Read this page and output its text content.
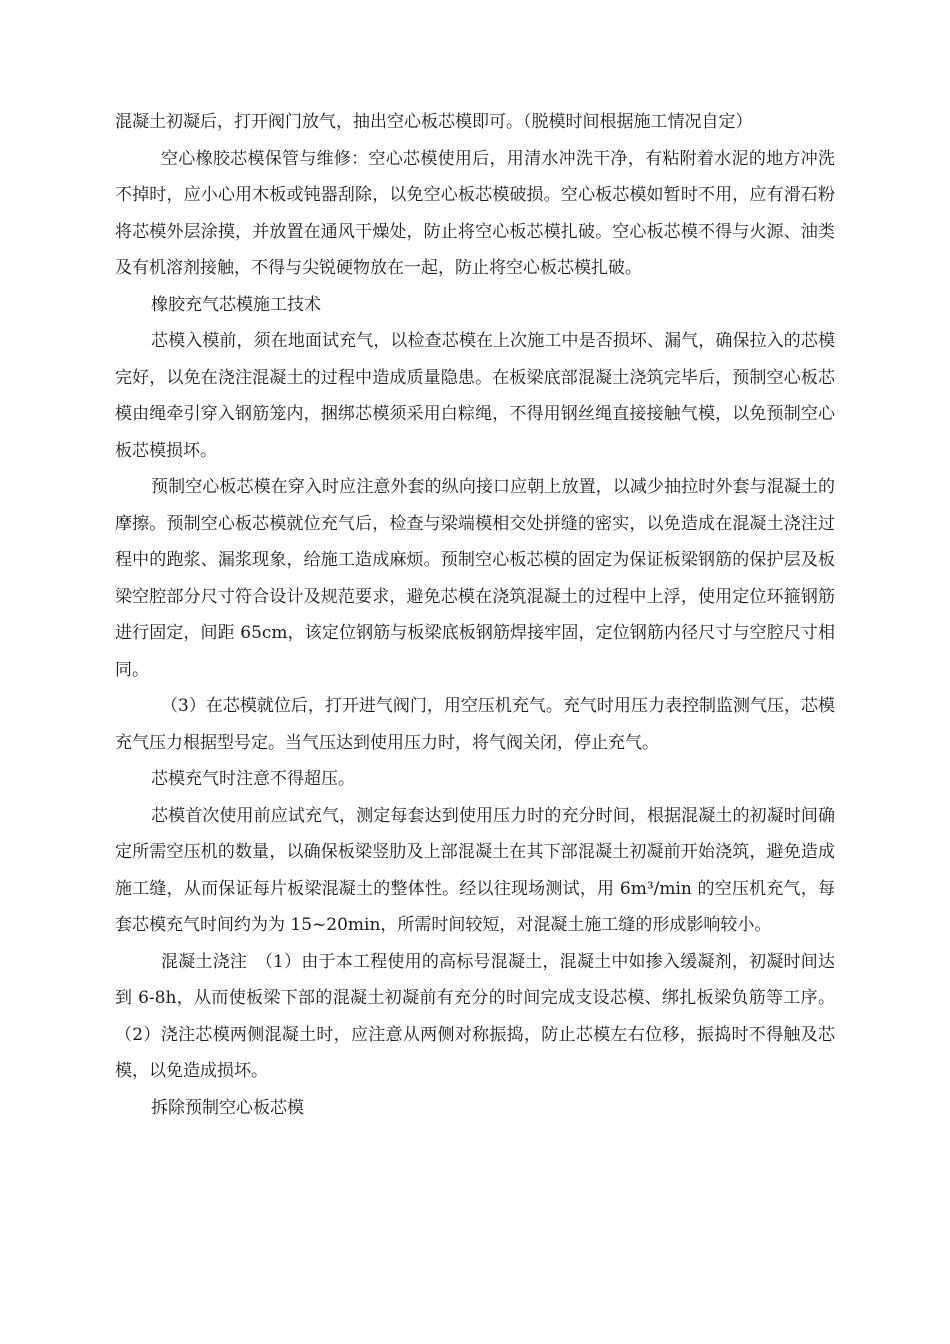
混凝土初凝后，打开阀门放气，抽出空心板芯模即可。（脱模时间根据施工情况自定）

空心橡胶芯模保管与维修：空心芯模使用后，用清水冲洗干净，有粘附着水泥的地方冲洗不掉时，应小心用木板或钝器刮除，以免空心板芯模破损。空心板芯模如暂时不用，应有滑石粉将芯模外层涂摸，并放置在通风干燥处，防止将空心板芯模扎破。空心板芯模不得与火源、油类及有机溶剂接触，不得与尖锐硬物放在一起，防止将空心板芯模扎破。

橡胶充气芯模施工技术

芯模入模前，须在地面试充气，以检查芯模在上次施工中是否损坏、漏气，确保拉入的芯模完好，以免在浇注混凝土的过程中造成质量隐患。在板梁底部混凝土浇筑完毕后，预制空心板芯模由绳牵引穿入钢筋笼内，捆绑芯模须采用白粽绳，不得用钢丝绳直接接触气模，以免预制空心板芯模损坏。

预制空心板芯模在穿入时应注意外套的纵向接口应朝上放置，以减少抽拉时外套与混凝土的摩擦。预制空心板芯模就位充气后，检查与梁端模相交处拼缝的密实，以免造成在混凝土浇注过程中的跑浆、漏浆现象，给施工造成麻烦。预制空心板芯模的固定为保证板梁钢筋的保护层及板梁空腔部分尺寸符合设计及规范要求，避免芯模在浇筑混凝土的过程中上浮，使用定位环箍钢筋进行固定，间距 65cm，该定位钢筋与板梁底板钢筋焊接牢固，定位钢筋内径尺寸与空腔尺寸相同。

（3）在芯模就位后，打开进气阀门，用空压机充气。充气时用压力表控制监测气压，芯模充气压力根据型号定。当气压达到使用压力时，将气阀关闭，停止充气。

芯模充气时注意不得超压。

芯模首次使用前应试充气，测定每套达到使用压力时的充分时间，根据混凝土的初凝时间确定所需空压机的数量，以确保板梁竖肋及上部混凝土在其下部混凝土初凝前开始浇筑，避免造成施工缝，从而保证每片板梁混凝土的整体性。经以往现场测试，用 6m³/min 的空压机充气，每套芯模充气时间约为为 15~20min，所需时间较短，对混凝土施工缝的形成影响较小。

混凝土浇注　（1）由于本工程使用的高标号混凝土，混凝土中如掺入缓凝剂，初凝时间达到 6-8h，从而使板梁下部的混凝土初凝前有充分的时间完成支设芯模、绑扎板梁负筋等工序。（2）浇注芯模两侧混凝土时，应注意从两侧对称振捣，防止芯模左右位移，振捣时不得触及芯模，以免造成损坏。

拆除预制空心板芯模
